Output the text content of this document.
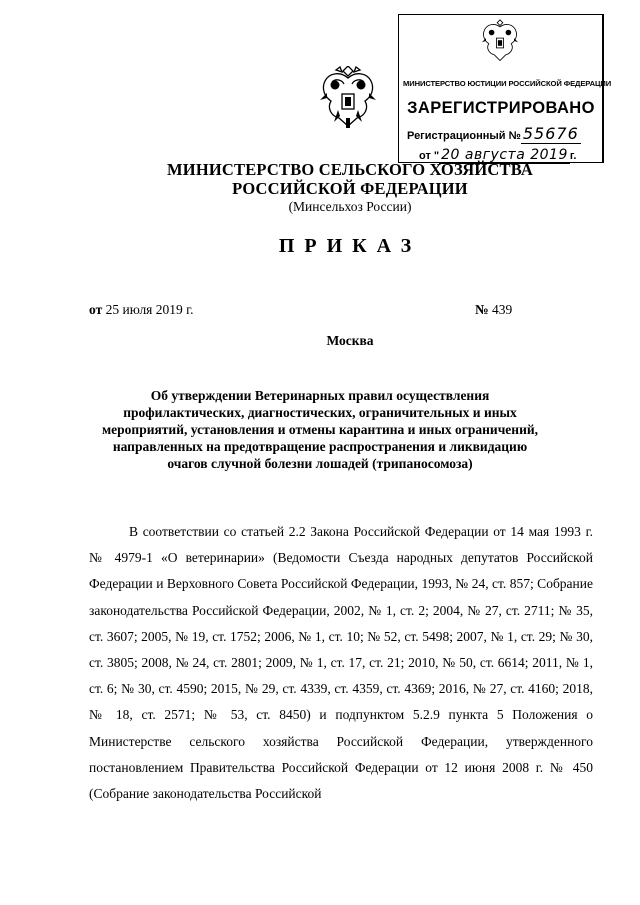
МИНИСТЕРСТВО ЮСТИЦИИ РОССИЙСКОЙ ФЕДЕРАЦИИ
ЗАРЕГИСТРИРОВАНО
Регистрационный № 55676
от " 20 августа 2019 г.
МИНИСТЕРСТВО СЕЛЬСКОГО ХОЗЯЙСТВА
РОССИЙСКОЙ ФЕДЕРАЦИИ
(Минсельхоз России)
ПРИКАЗ
от 25 июля 2019 г.	№ 439
Москва
Об утверждении Ветеринарных правил осуществления
профилактических, диагностических, ограничительных и иных
мероприятий, установления и отмены карантина и иных ограничений,
направленных на предотвращение распространения и ликвидацию
очагов случной болезни лошадей (трипаносомоза)
В соответствии со статьей 2.2 Закона Российской Федерации от 14 мая 1993 г. № 4979-1 «О ветеринарии» (Ведомости Съезда народных депутатов Российской Федерации и Верховного Совета Российской Федерации, 1993, № 24, ст. 857; Собрание законодательства Российской Федерации, 2002, № 1, ст. 2; 2004, № 27, ст. 2711; № 35, ст. 3607; 2005, № 19, ст. 1752; 2006, № 1, ст. 10; № 52, ст. 5498; 2007, № 1, ст. 29; № 30, ст. 3805; 2008, № 24, ст. 2801; 2009, № 1, ст. 17, ст. 21; 2010, № 50, ст. 6614; 2011, № 1, ст. 6; № 30, ст. 4590; 2015, № 29, ст. 4339, ст. 4359, ст. 4369; 2016, № 27, ст. 4160; 2018, № 18, ст. 2571; № 53, ст. 8450) и подпунктом 5.2.9 пункта 5 Положения о Министерстве сельского хозяйства Российской Федерации, утвержденного постановлением Правительства Российской Федерации от 12 июня 2008 г. № 450 (Собрание законодательства Российской
